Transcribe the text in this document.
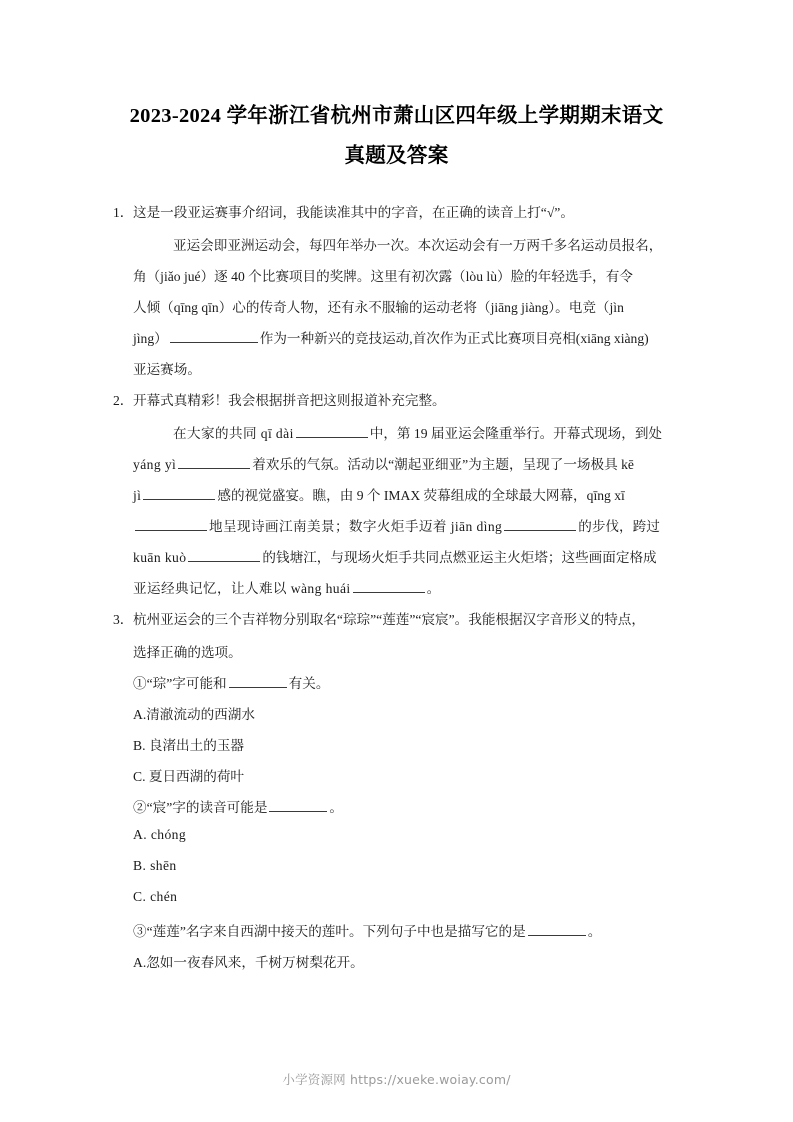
2023-2024 学年浙江省杭州市萧山区四年级上学期期末语文
真题及答案
1． 这是一段亚运赛事介绍词，我能读准其中的字音，在正确的读音上打“√”。
亚运会即亚洲运动会，每四年举办一次。本次运动会有一万两千多名运动员报名，
角（jiǎo jué）逐 40 个比赛项目的奖牌。这里有初次露（lòu lù）脸的年轻选手，有令
人倾（qīng qīn）心的传奇人物，还有永不服输的运动老将（jiāng jiàng）。电竞（jìn
jìng）	作为一种新兴的竞技运动,首次作为正式比赛项目亮相(xiāng xiàng)
亚运赛场。
2． 开幕式真精彩！我会根据拼音把这则报道补充完整。
在大家的共同 qī dài	中，第 19 届亚运会隆重举行。开幕式现场，到处
yáng yì	着欢乐的气氛。活动以“潮起亚细亚”为主题，呈现了一场极具 kē
jì	感的视觉盛宴。瞧，由 9 个 IMAX 荧幕组成的全球最大网幕，qīng xī
地呈现诗画江南美景；数字火炬手迈着 jiān dìng	的步伐，跨过
kuān kuò	的钱塘江，与现场火炬手共同点燃亚运主火炬塔；这些画面定格成
亚运经典记忆，让人难以 wàng huái	。
3． 杭州亚运会的三个吉祥物分别取名“琮琮”“莲莲”“宸宸”。我能根据汉字音形义的特点，
选择正确的选项。
①“琮”字可能和	有关。
A.清澈流动的西湖水
B. 良渚出土的玉器
C. 夏日西湖的荷叶
②“宸”字的读音可能是	。
A. chóng
B. shēn
C. chén
③“莲莲”名字来自西湖中接天的莲叶。下列句子中也是描写它的是	。
A.忽如一夜春风来，千树万树梨花开。
小学资源网 https://xueke.woiay.com/
